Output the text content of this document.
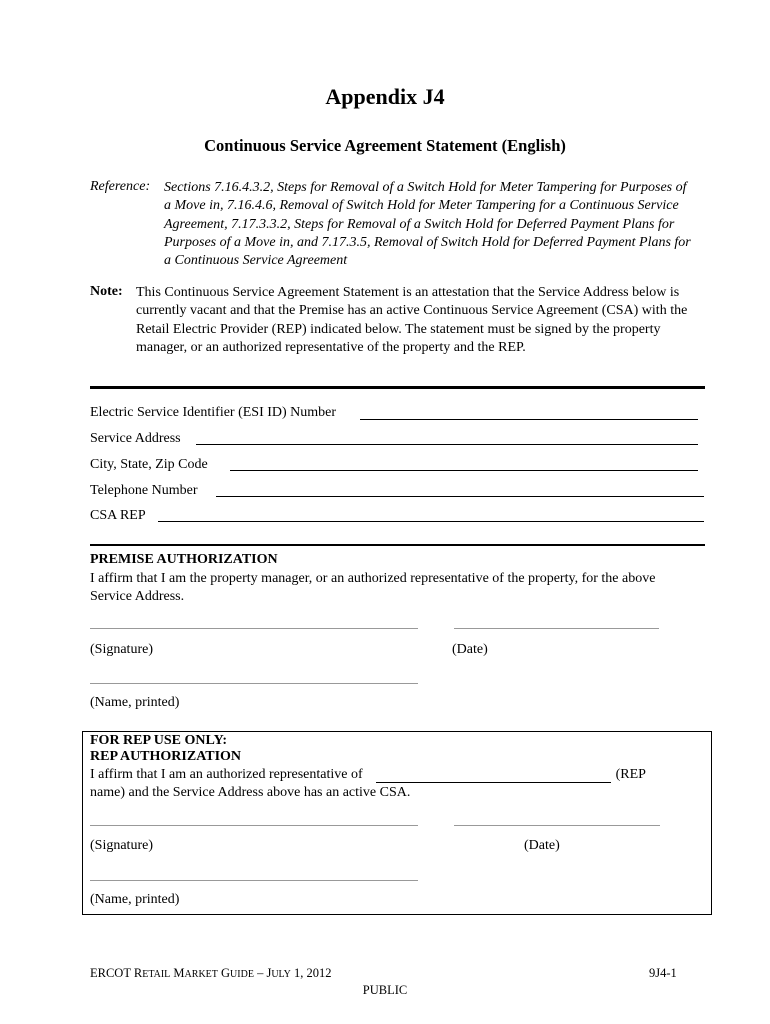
Appendix J4
Continuous Service Agreement Statement (English)
Reference: Sections 7.16.4.3.2, Steps for Removal of a Switch Hold for Meter Tampering for Purposes of a Move in, 7.16.4.6, Removal of Switch Hold for Meter Tampering for a Continuous Service Agreement, 7.17.3.3.2, Steps for Removal of a Switch Hold for Deferred Payment Plans for Purposes of a Move in, and 7.17.3.5, Removal of Switch Hold for Deferred Payment Plans for a Continuous Service Agreement
Note: This Continuous Service Agreement Statement is an attestation that the Service Address below is currently vacant and that the Premise has an active Continuous Service Agreement (CSA) with the Retail Electric Provider (REP) indicated below. The statement must be signed by the property manager, or an authorized representative of the property and the REP.
Electric Service Identifier (ESI ID) Number
Service Address
City, State, Zip Code
Telephone Number
CSA REP
PREMISE AUTHORIZATION
I affirm that I am the property manager, or an authorized representative of the property, for the above Service Address.
(Signature)	(Date)
(Name, printed)
FOR REP USE ONLY:
REP AUTHORIZATION
I affirm that I am an authorized representative of	(REP
name) and the Service Address above has an active CSA.
(Signature)	(Date)
(Name, printed)
ERCOT RETAIL MARKET GUIDE – JULY 1, 2012	9J4-1
PUBLIC
